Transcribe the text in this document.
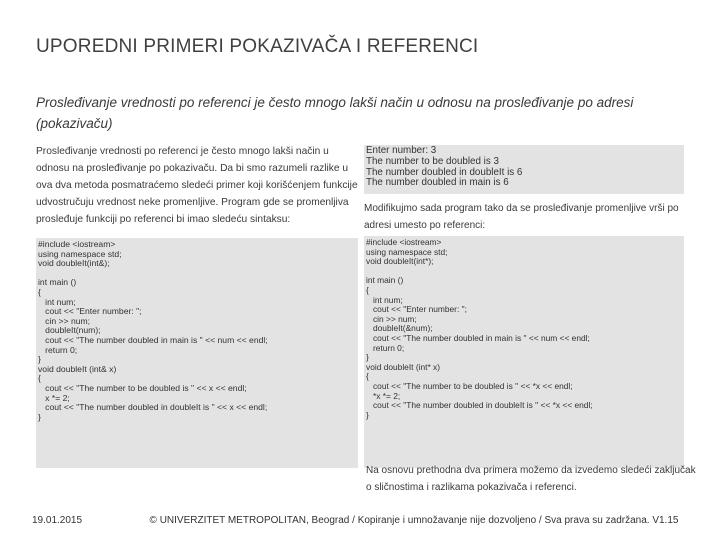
UPOREDNI PRIMERI POKAZIVAČA I REFERENCI
Prosleđivanje vrednosti po referenci je često mnogo lakši način u odnosu na prosleđivanje po adresi (pokazivaču)

Prosleđivanje vrednosti po referenci je često mnogo lakši način u odnosu na prosleđivanje po pokazivaču. Da bi smo razumeli razlike u ova dva metoda posmatraćemo sledeći primer koji korišćenjem funkcije udvostručuju vrednost neke promenljive. Program gde se promenljiva prosleđuje funkciji po referenci bi imao sledeću sintaksu:

#include <iostream>
using namespace std;
void doubleIt(int&);

int main ()
{
int num;
cout << "Enter number: ";
cin >> num;
doubleIt(num);
cout << "The number doubled in main is " << num << endl;
return 0;
}
void doubleIt (int& x)
{
cout << "The number to be doubled is " << x << endl;
x *= 2;
cout << "The number doubled in doubleIt is " << x << endl;
}
Enter number: 3
The number to be doubled is 3
The number doubled in doubleIt is 6
The number doubled in main is 6

Modifikujmo sada program tako da se prosleđivanje promenljive vrši po adresi umesto po referenci:

#include <iostream>
using namespace std;
void doubleIt(int*);

int main ()
{
int num;
cout << "Enter number: ";
cin >> num;
doubleIt(&num);
cout << "The number doubled in main is " << num << endl;
return 0;
}
void doubleIt (int* x)
{
cout << "The number to be doubled is " << *x << endl;
*x *= 2;
cout << "The number doubled in doubleIt is " << *x << endl;
}
Na osnovu prethodna dva primera možemo da izvedemo sledeći zaključak o sličnostima i razlikama pokazivača i referenci.
19.01.2015	© UNIVERZITET METROPOLITAN, Beograd / Kopiranje i umnožavanje nije dozvoljeno / Sva prava su zadržana. V1.15
